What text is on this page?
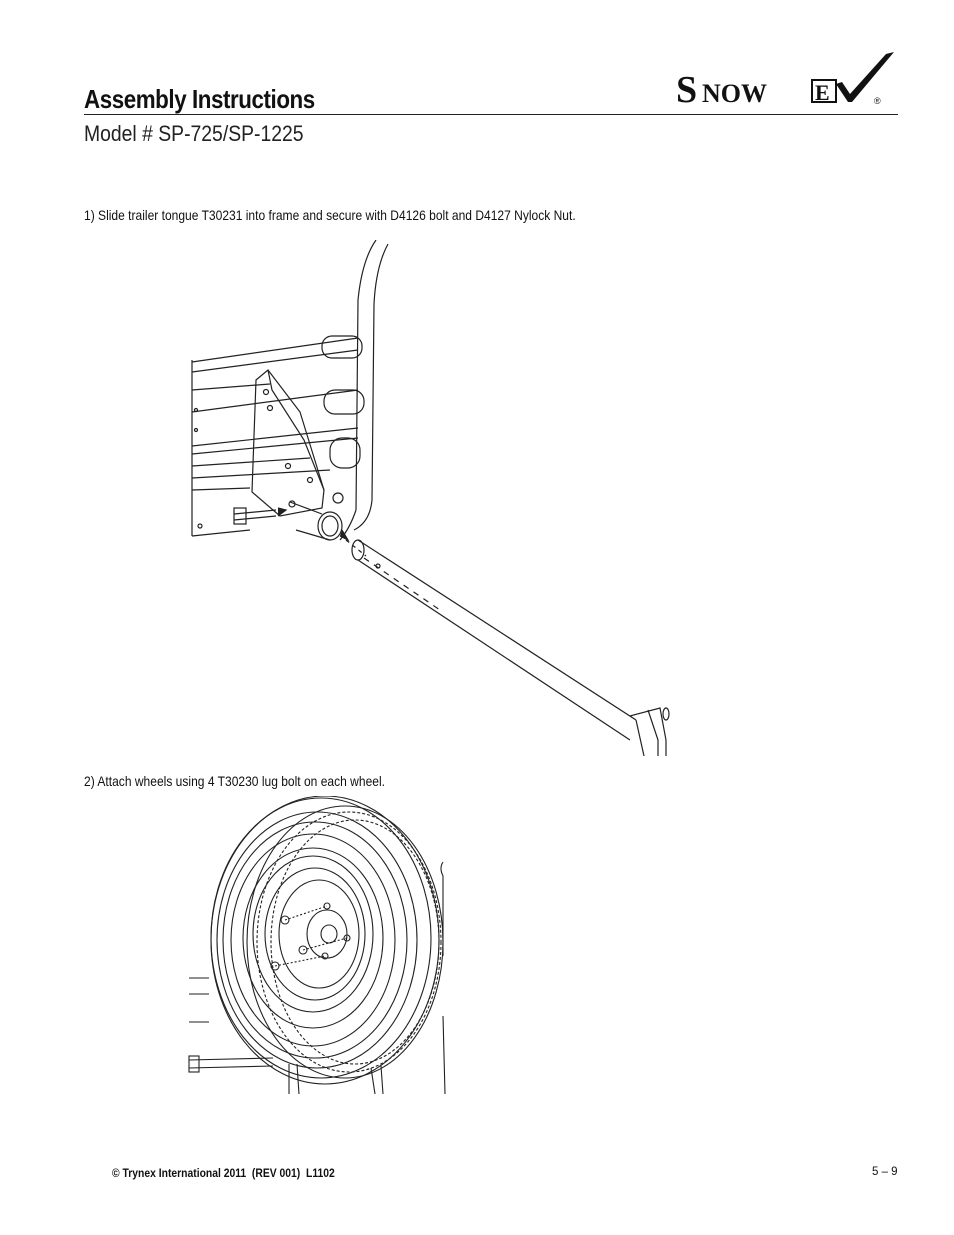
Assembly Instructions
Model # SP-725/SP-1225
S NOW E	®
1) Slide trailer tongue T30231 into frame and secure with D4126 bolt and D4127 Nylock Nut.
2) Attach wheels using 4 T30230 lug bolt on each wheel.
© Trynex International 2011  (REV 001)  L1102	5 – 9
